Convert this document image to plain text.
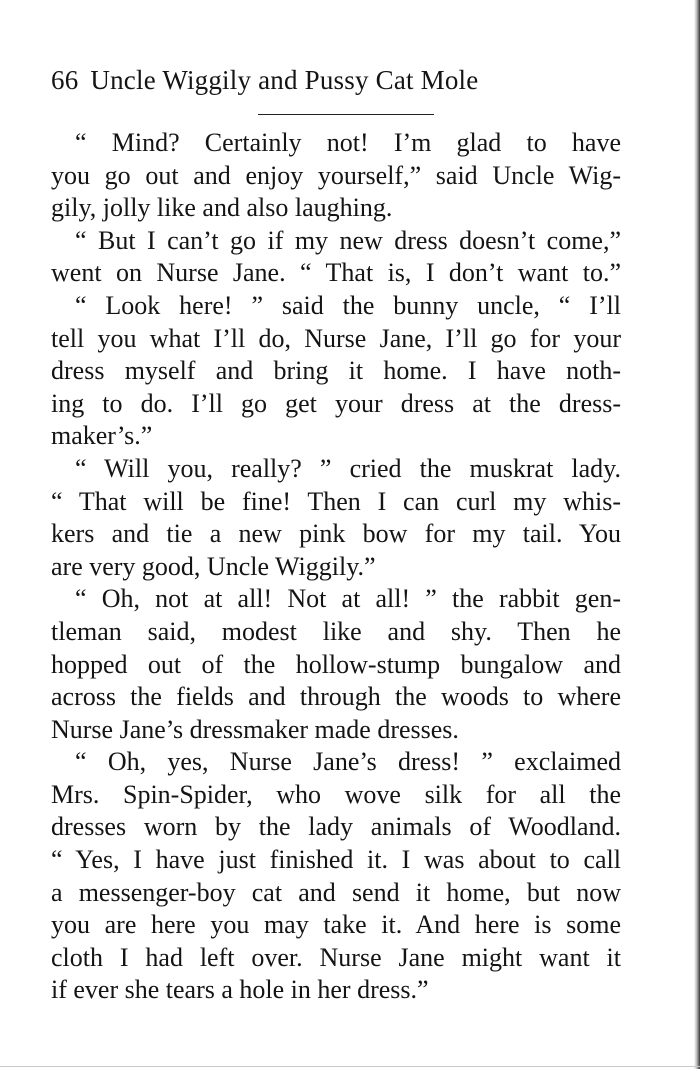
66 Uncle Wiggily and Pussy Cat Mole
“ Mind? Certainly not! I’m glad to have
you go out and enjoy yourself,” said Uncle Wig-
gily, jolly like and also laughing.
“ But I can’t go if my new dress doesn’t come,”
went on Nurse Jane. “ That is, I don’t want to.”
“ Look here! ” said the bunny uncle, “ I’ll
tell you what I’ll do, Nurse Jane, I’ll go for your
dress myself and bring it home. I have noth-
ing to do. I’ll go get your dress at the dress-
maker’s.”
“ Will you, really? ” cried the muskrat lady.
“ That will be fine! Then I can curl my whis-
kers and tie a new pink bow for my tail. You
are very good, Uncle Wiggily.”
“ Oh, not at all! Not at all! ” the rabbit gen-
tleman said, modest like and shy. Then he
hopped out of the hollow-stump bungalow and
across the fields and through the woods to where
Nurse Jane’s dressmaker made dresses.
“ Oh, yes, Nurse Jane’s dress! ” exclaimed
Mrs. Spin-Spider, who wove silk for all the
dresses worn by the lady animals of Woodland.
“ Yes, I have just finished it. I was about to call
a messenger-boy cat and send it home, but now
you are here you may take it. And here is some
cloth I had left over. Nurse Jane might want it
if ever she tears a hole in her dress.”
